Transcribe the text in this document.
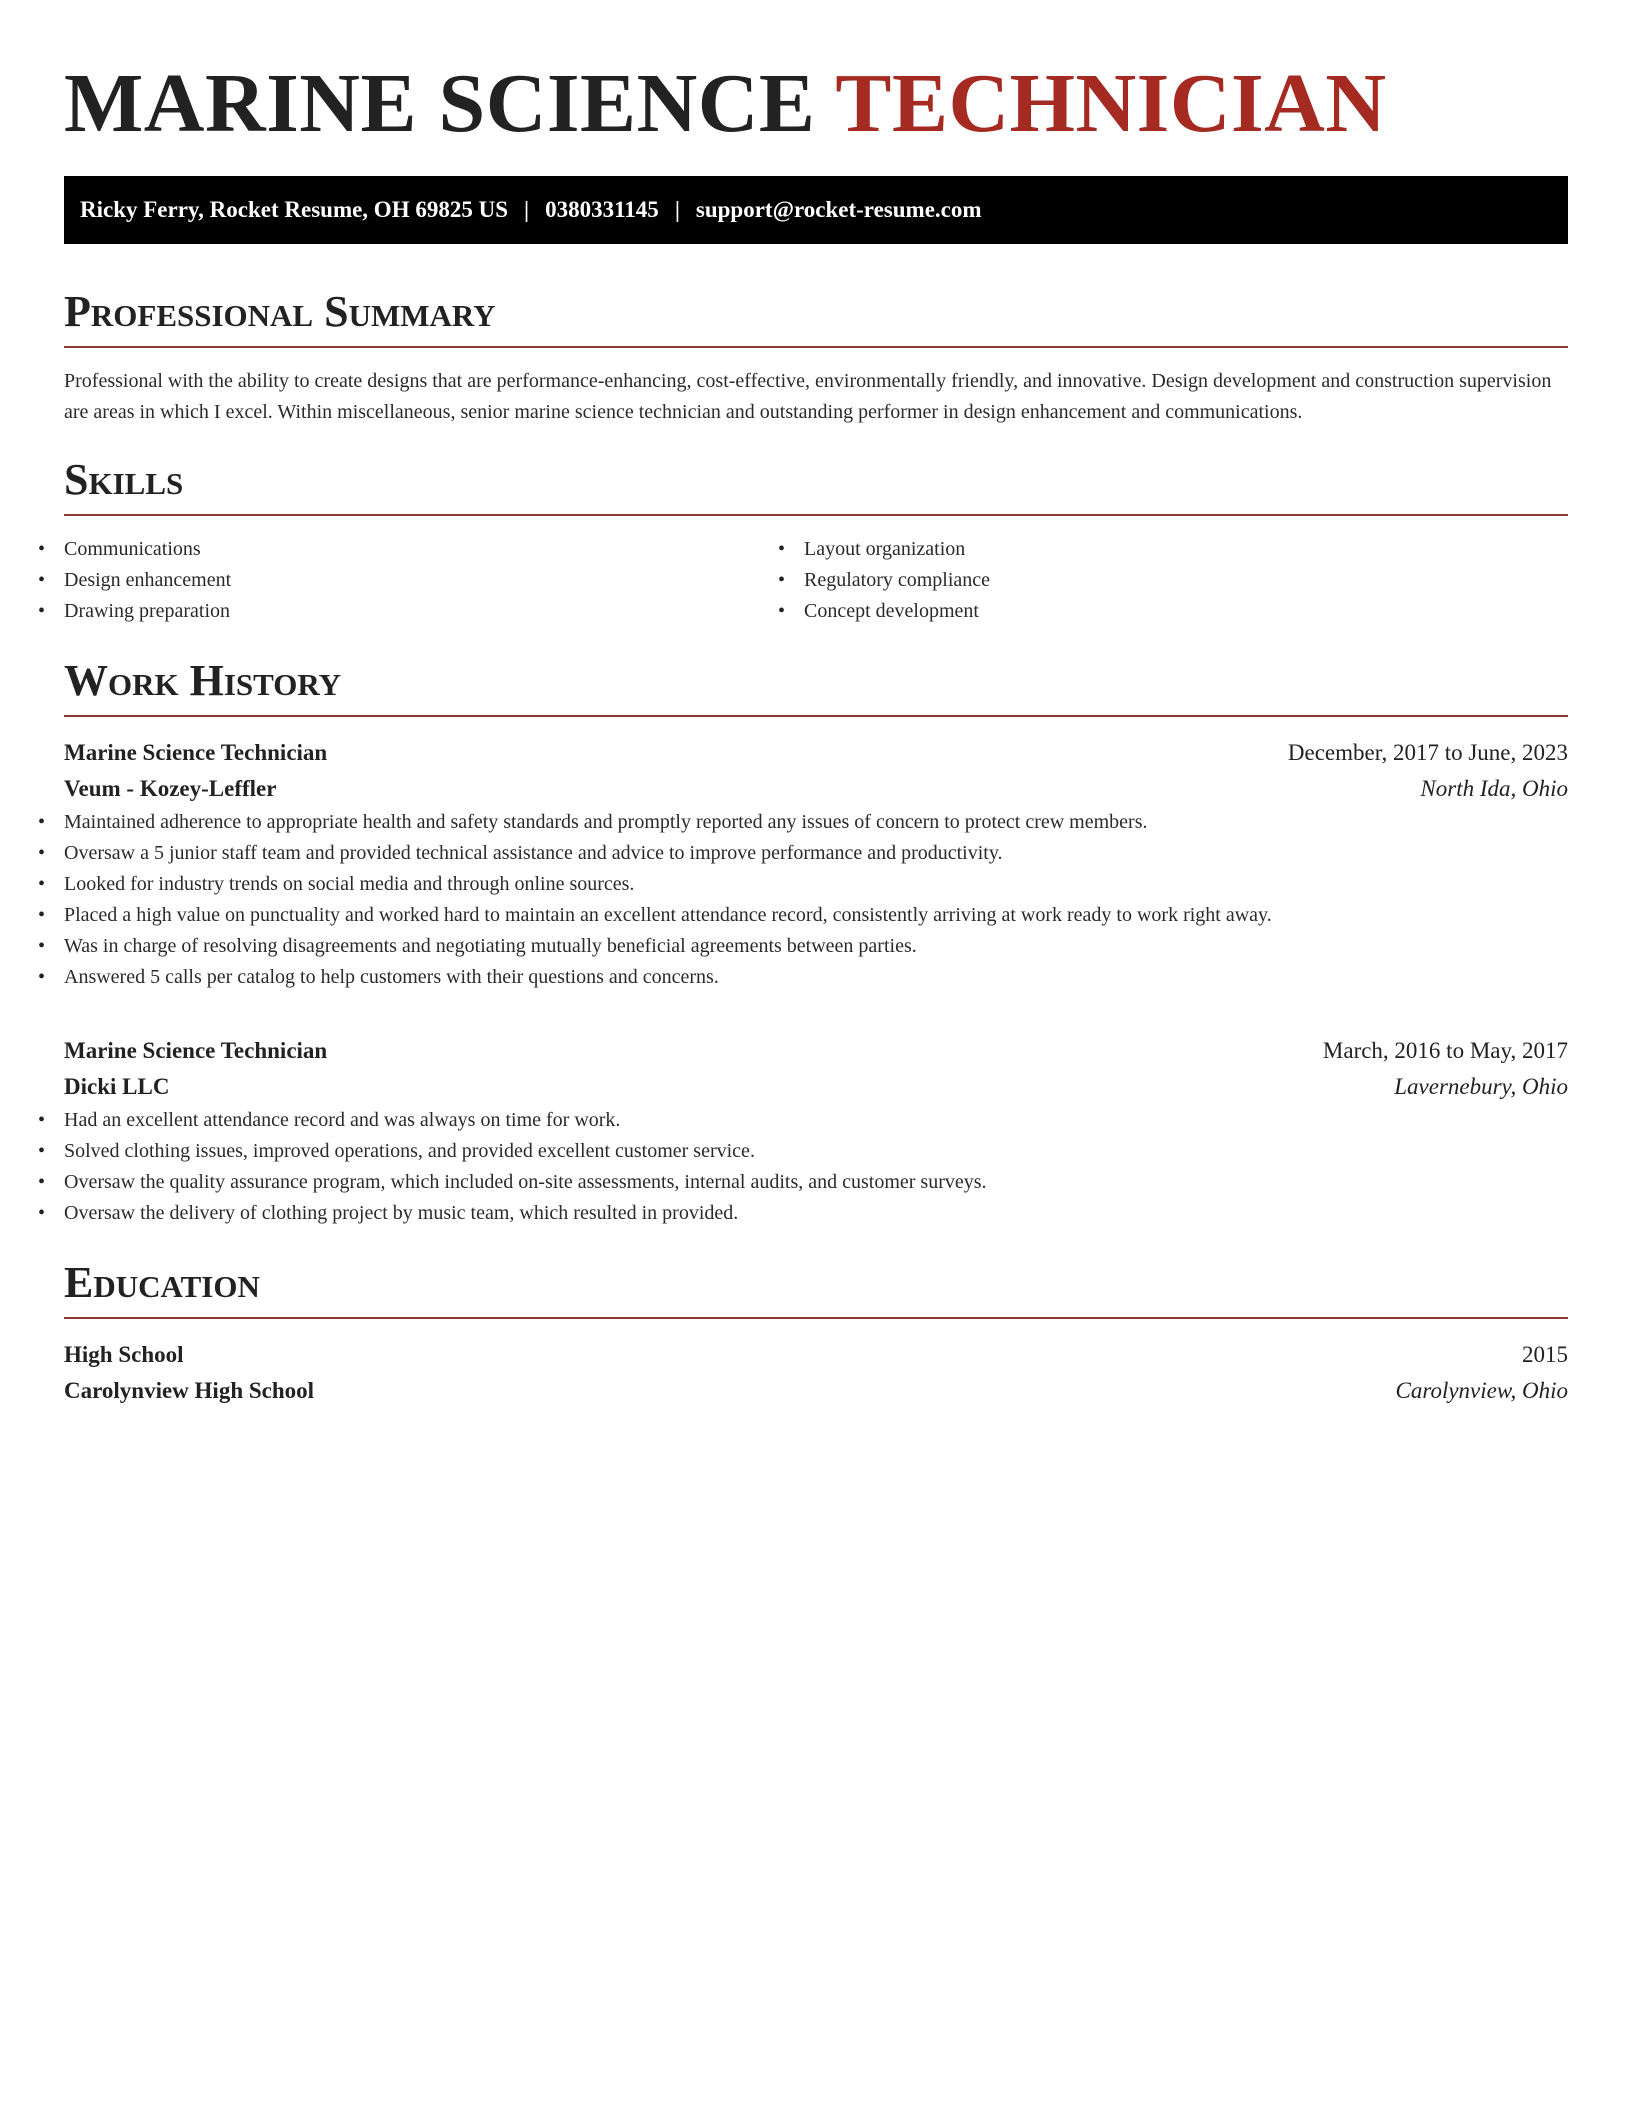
MARINE SCIENCE TECHNICIAN
Ricky Ferry, Rocket Resume, OH 69825 US | 0380331145 | support@rocket-resume.com
Professional Summary

Professional with the ability to create designs that are performance-enhancing, cost-effective, environmentally friendly, and innovative. Design development and construction supervision are areas in which I excel. Within miscellaneous, senior marine science technician and outstanding performer in design enhancement and communications.

Skills
• Communications
• Design enhancement
• Drawing preparation
• Layout organization
• Regulatory compliance
• Concept development
Work History
Marine Science Technician	December, 2017 to June, 2023
Veum - Kozey-Leffler	North Ida, Ohio
• Maintained adherence to appropriate health and safety standards and promptly reported any issues of concern to protect crew members.
• Oversaw a 5 junior staff team and provided technical assistance and advice to improve performance and productivity.
• Looked for industry trends on social media and through online sources.
• Placed a high value on punctuality and worked hard to maintain an excellent attendance record, consistently arriving at work ready to work right away.
• Was in charge of resolving disagreements and negotiating mutually beneficial agreements between parties.
• Answered 5 calls per catalog to help customers with their questions and concerns.
Marine Science Technician	March, 2016 to May, 2017
Dicki LLC	Lavernebury, Ohio
• Had an excellent attendance record and was always on time for work.
• Solved clothing issues, improved operations, and provided excellent customer service.
• Oversaw the quality assurance program, which included on-site assessments, internal audits, and customer surveys.
• Oversaw the delivery of clothing project by music team, which resulted in provided.
Education
High School	2015
Carolynview High School	Carolynview, Ohio
